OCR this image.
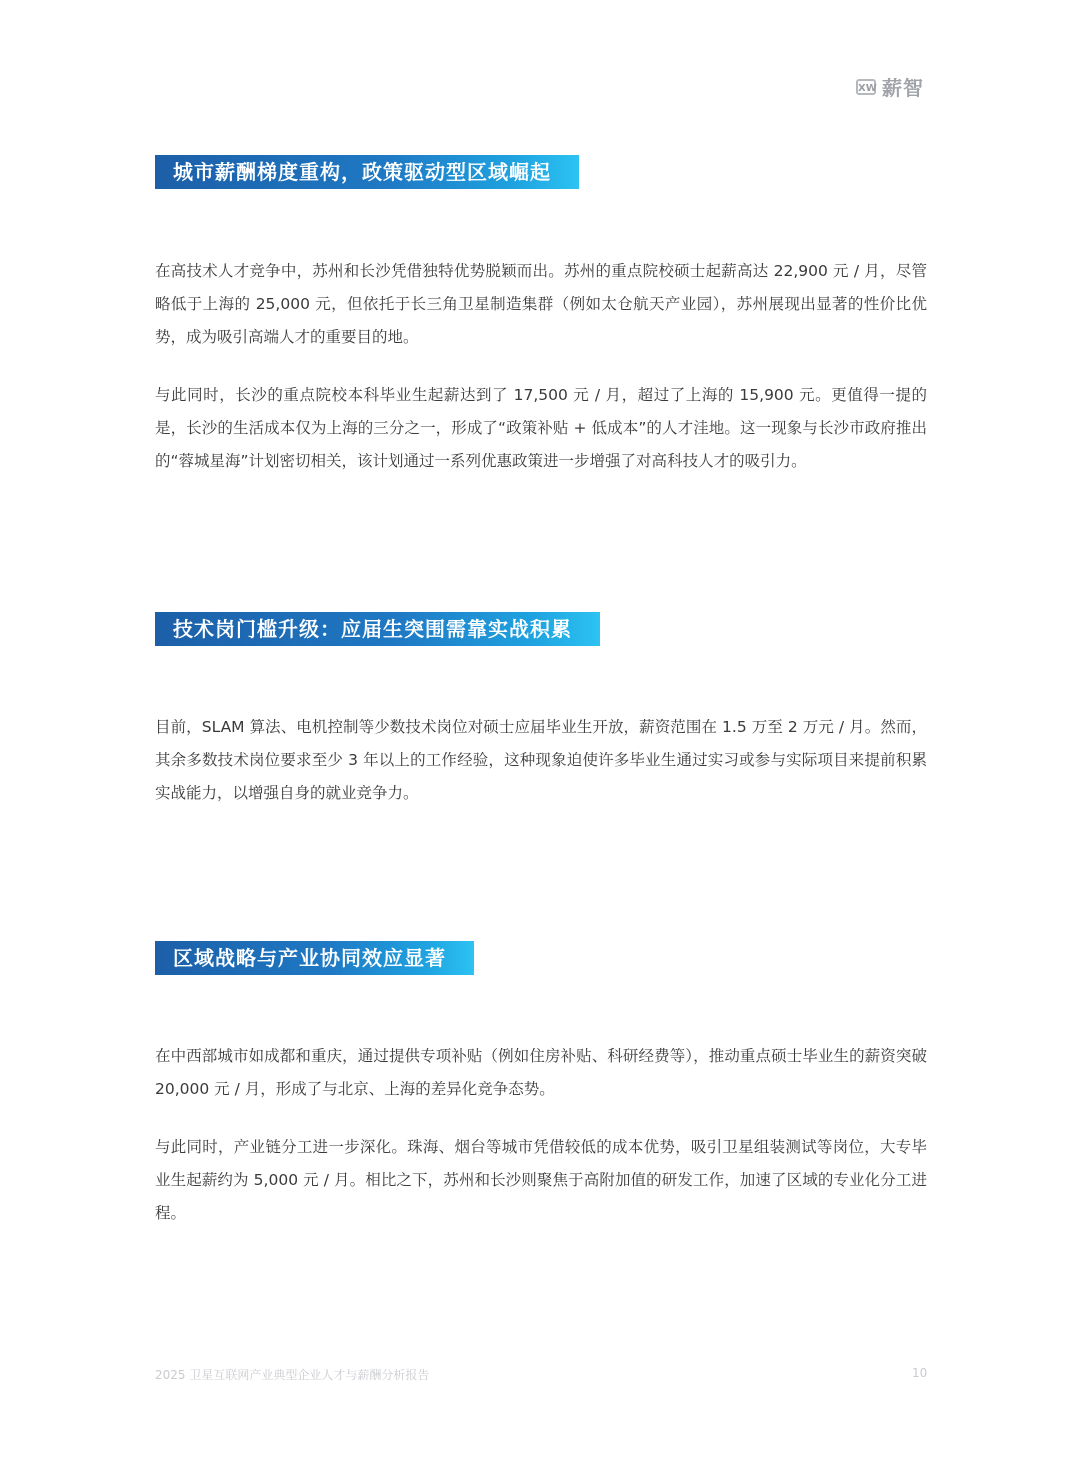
XW 薪智
城市薪酬梯度重构，政策驱动型区域崛起

在高技术人才竞争中，苏州和长沙凭借独特优势脱颖而出。苏州的重点院校硕士起薪高达 22,900 元 / 月，尽管略低于上海的 25,000 元，但依托于长三角卫星制造集群（例如太仓航天产业园），苏州展现出显著的性价比优势，成为吸引高端人才的重要目的地。

与此同时，长沙的重点院校本科毕业生起薪达到了 17,500 元 / 月，超过了上海的 15,900 元。更值得一提的是，长沙的生活成本仅为上海的三分之一，形成了“政策补贴 + 低成本”的人才洼地。这一现象与长沙市政府推出的“蓉城星海”计划密切相关，该计划通过一系列优惠政策进一步增强了对高科技人才的吸引力。

技术岗门槛升级：应届生突围需靠实战积累

目前，SLAM 算法、电机控制等少数技术岗位对硕士应届毕业生开放，薪资范围在 1.5 万至 2 万元 / 月。然而，其余多数技术岗位要求至少 3 年以上的工作经验，这种现象迫使许多毕业生通过实习或参与实际项目来提前积累实战能力，以增强自身的就业竞争力。

区域战略与产业协同效应显著

在中西部城市如成都和重庆，通过提供专项补贴（例如住房补贴、科研经费等），推动重点硕士毕业生的薪资突破 20,000 元 / 月，形成了与北京、上海的差异化竞争态势。

与此同时，产业链分工进一步深化。珠海、烟台等城市凭借较低的成本优势，吸引卫星组装测试等岗位，大专毕业生起薪约为 5,000 元 / 月。相比之下，苏州和长沙则聚焦于高附加值的研发工作，加速了区域的专业化分工进程。

2025 卫星互联网产业典型企业人才与薪酬分析报告	10
